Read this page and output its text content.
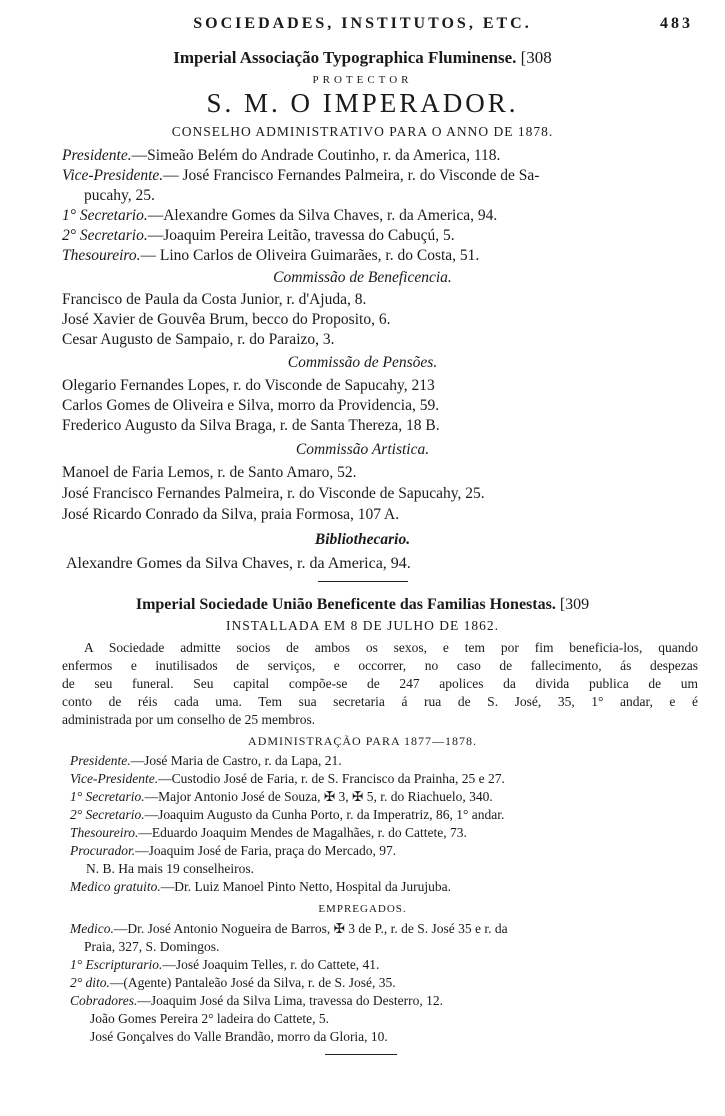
SOCIEDADES, INSTITUTOS, ETC.	483
Imperial Associação Typographica Fluminense. [308
PROTECTOR
S. M. O IMPERADOR.
CONSELHO ADMINISTRATIVO PARA O ANNO DE 1878.
Presidente.—Simeão Belém do Andrade Coutinho, r. da America, 118.
Vice-Presidente.— José Francisco Fernandes Palmeira, r. do Visconde de Sa-
pucahy, 25.
1° Secretario.—Alexandre Gomes da Silva Chaves, r. da America, 94.
2° Secretario.—Joaquim Pereira Leitão, travessa do Cabuçú, 5.
Thesoureiro.— Lino Carlos de Oliveira Guimarães, r. do Costa, 51.
Commissão de Beneficencia.
Francisco de Paula da Costa Junior, r. d'Ajuda, 8.
José Xavier de Gouvêa Brum, becco do Proposito, 6.
Cesar Augusto de Sampaio, r. do Paraizo, 3.
Commissão de Pensões.
Olegario Fernandes Lopes, r. do Visconde de Sapucahy, 213
Carlos Gomes de Oliveira e Silva, morro da Providencia, 59.
Frederico Augusto da Silva Braga, r. de Santa Thereza, 18 B.
Commissão Artistica.
Manoel de Faria Lemos, r. de Santo Amaro, 52.
José Francisco Fernandes Palmeira, r. do Visconde de Sapucahy, 25.
José Ricardo Conrado da Silva, praia Formosa, 107 A.
Bibliothecario.
Alexandre Gomes da Silva Chaves, r. da America, 94.
Imperial Sociedade União Beneficente das Familias Honestas. [309
INSTALLADA EM 8 DE JULHO DE 1862.
A Sociedade admitte socios de ambos os sexos, e tem por fim beneficia-los, quando
enfermos e inutilisados de serviços, e occorrer, no caso de fallecimento, ás despezas
de seu funeral. Seu capital compõe-se de 247 apolices da divida publica de um
conto de réis cada uma. Tem sua secretaria á rua de S. José, 35, 1° andar, e é
administrada por um conselho de 25 membros.
ADMINISTRAÇÃO PARA 1877—1878.
Presidente.—José Maria de Castro, r. da Lapa, 21.
Vice-Presidente.—Custodio José de Faria, r. de S. Francisco da Prainha, 25 e 27.
1° Secretario.—Major Antonio José de Souza, ✠ 3, ✠ 5, r. do Riachuelo, 340.
2° Secretario.—Joaquim Augusto da Cunha Porto, r. da Imperatriz, 86, 1° andar.
Thesoureiro.—Eduardo Joaquim Mendes de Magalhães, r. do Cattete, 73.
Procurador.—Joaquim José de Faria, praça do Mercado, 97.
N. B. Ha mais 19 conselheiros.
Medico gratuito.—Dr. Luiz Manoel Pinto Netto, Hospital da Jurujuba.
EMPREGADOS.
Medico.—Dr. José Antonio Nogueira de Barros, ✠ 3 de P., r. de S. José 35 e r. da
Praia, 327, S. Domingos.
1° Escripturario.—José Joaquim Telles, r. do Cattete, 41.
2° dito.—(Agente) Pantaleão José da Silva, r. de S. José, 35.
Cobradores.—Joaquim José da Silva Lima, travessa do Desterro, 12.
João Gomes Pereira 2° ladeira do Cattete, 5.
José Gonçalves do Valle Brandão, morro da Gloria, 10.
